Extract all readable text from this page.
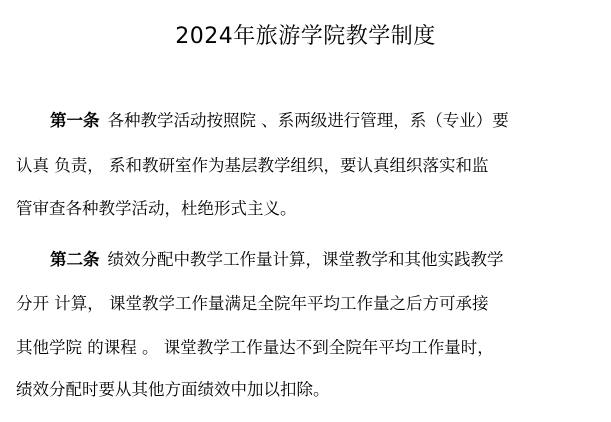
2024年旅游学院教学制度
第一条 各种教学活动按照院 、系两级进行管理，系（专业）要
认真 负责， 系和教研室作为基层教学组织，要认真组织落实和监
管审查各种教学活动，杜绝形式主义。
第二条 绩效分配中教学工作量计算，课堂教学和其他实践教学
分开 计算， 课堂教学工作量满足全院年平均工作量之后方可承接
其他学院 的课程 。 课堂教学工作量达不到全院年平均工作量时，
绩效分配时要从其他方面绩效中加以扣除。
